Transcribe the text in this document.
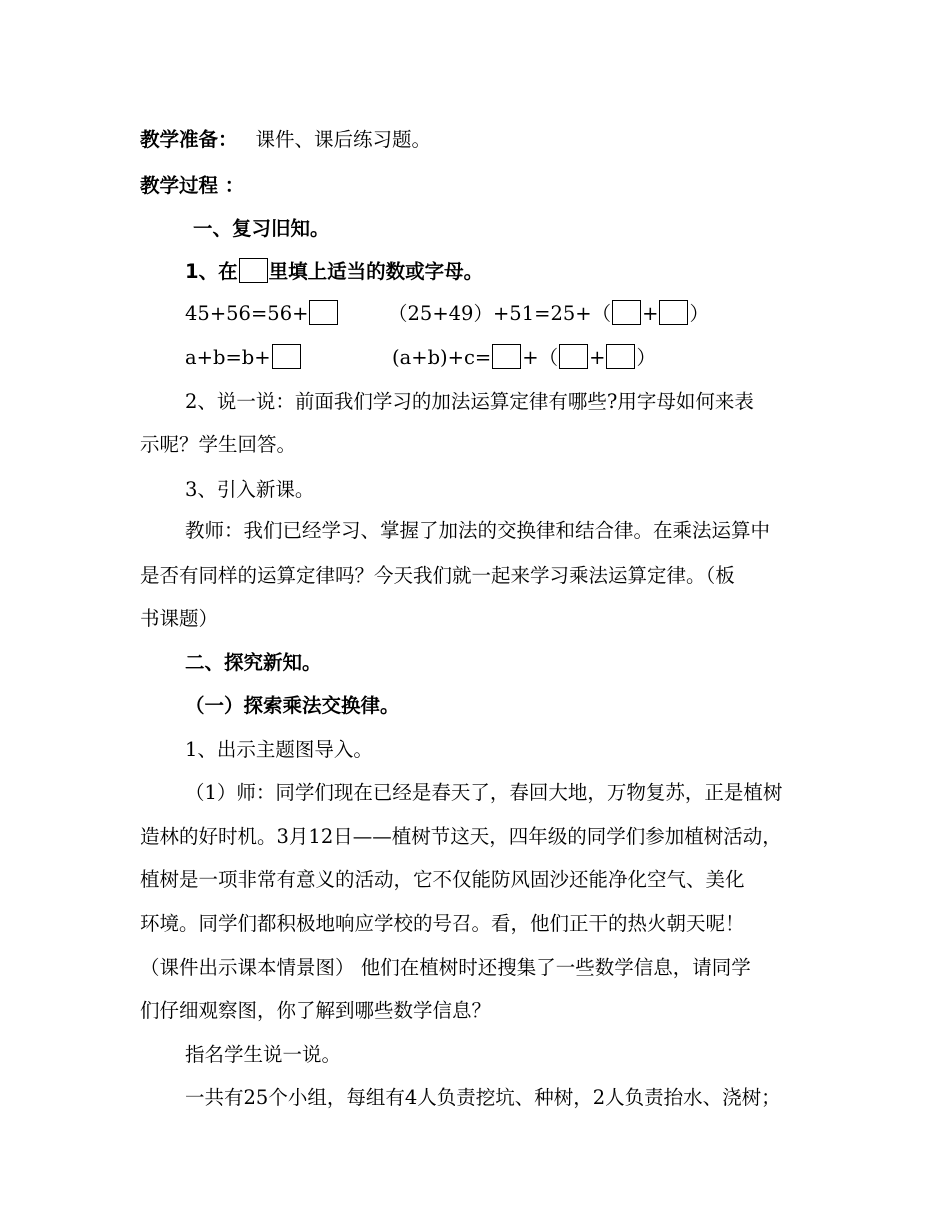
教学准备： 课件、课后练习题。
教学过程 ：
一、复习旧知。
1、在 里填上适当的数或字母。
45+56=56+	（25+49）+51=25+（ + ）
a+b=b+	(a+b)+c= +（ + ）
2、说一说：前面我们学习的加法运算定律有哪些?用字母如何来表
示呢？学生回答。
3、引入新课。
教师：我们已经学习、掌握了加法的交换律和结合律。在乘法运算中
是否有同样的运算定律吗？今天我们就一起来学习乘法运算定律。（板
书课题）
二、探究新知。
（一）探索乘法交换律。
1、出示主题图导入。
（1）师：同学们现在已经是春天了，春回大地，万物复苏，正是植树
造林的好时机。3月12日——植树节这天，四年级的同学们参加植树活动，
植树是一项非常有意义的活动，它不仅能防风固沙还能净化空气、美化
环境。同学们都积极地响应学校的号召。看，他们正干的热火朝天呢！
（课件出示课本情景图） 他们在植树时还搜集了一些数学信息，请同学
们仔细观察图，你了解到哪些数学信息？
指名学生说一说。
一共有25个小组，每组有4人负责挖坑、种树，2人负责抬水、浇树；
